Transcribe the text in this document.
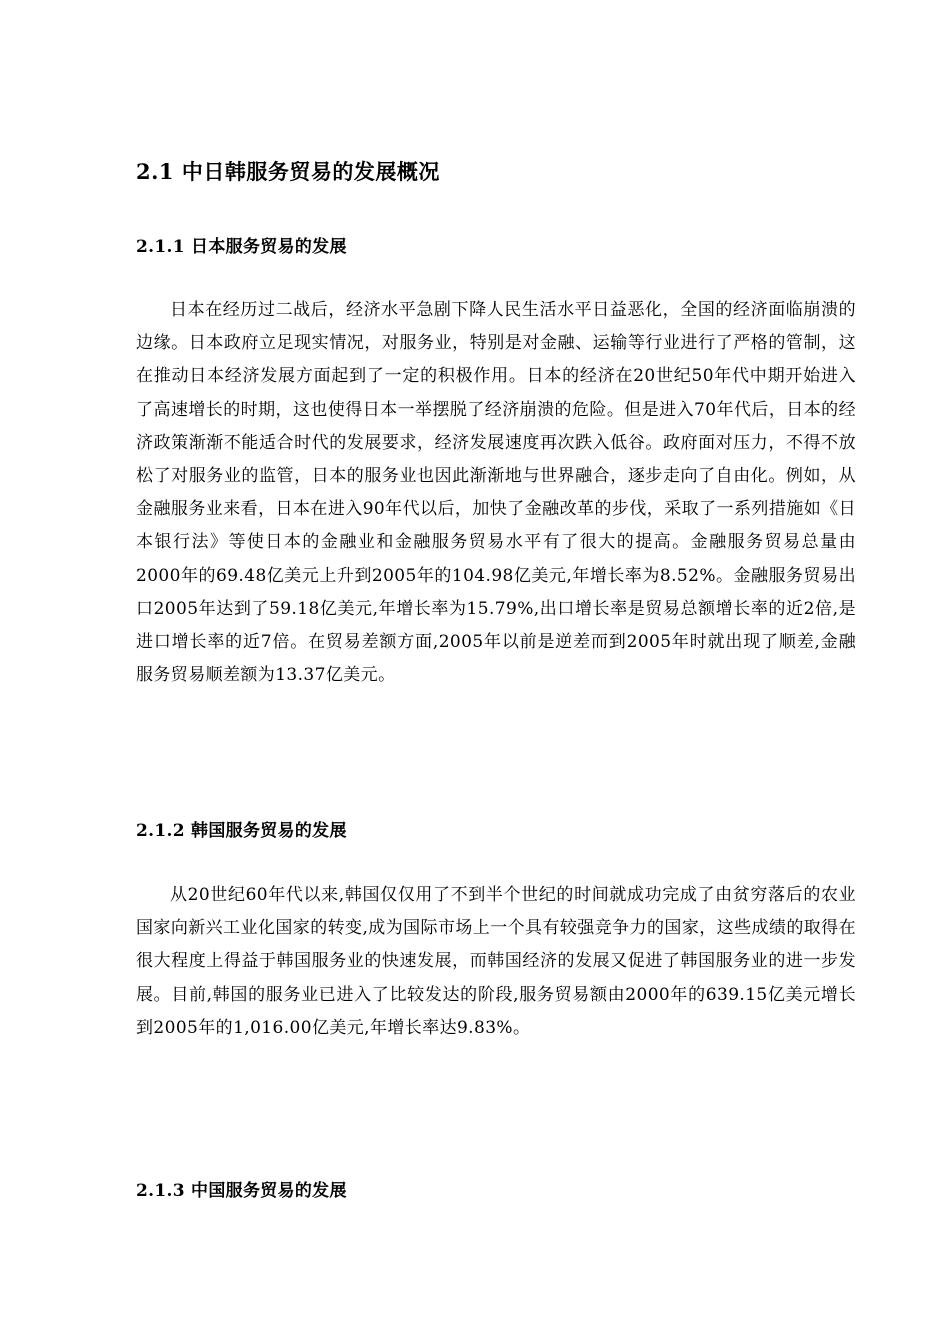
2.1 中日韩服务贸易的发展概况
2.1.1 日本服务贸易的发展

日本在经历过二战后，经济水平急剧下降人民生活水平日益恶化，全国的经济面临崩溃的边缘。日本政府立足现实情况，对服务业，特别是对金融、运输等行业进行了严格的管制，这在推动日本经济发展方面起到了一定的积极作用。日本的经济在20世纪50年代中期开始进入了高速增长的时期，这也使得日本一举摆脱了经济崩溃的危险。但是进入70年代后，日本的经济政策渐渐不能适合时代的发展要求，经济发展速度再次跌入低谷。政府面对压力，不得不放松了对服务业的监管，日本的服务业也因此渐渐地与世界融合，逐步走向了自由化。例如，从金融服务业来看，日本在进入90年代以后，加快了金融改革的步伐，采取了一系列措施如《日本银行法》等使日本的金融业和金融服务贸易水平有了很大的提高。金融服务贸易总量由2000年的69.48亿美元上升到2005年的104.98亿美元,年增长率为8.52%。金融服务贸易出口2005年达到了59.18亿美元,年增长率为15.79%,出口增长率是贸易总额增长率的近2倍,是进口增长率的近7倍。在贸易差额方面,2005年以前是逆差而到2005年时就出现了顺差,金融服务贸易顺差额为13.37亿美元。

2.1.2 韩国服务贸易的发展

从20世纪60年代以来,韩国仅仅用了不到半个世纪的时间就成功完成了由贫穷落后的农业国家向新兴工业化国家的转变,成为国际市场上一个具有较强竞争力的国家，这些成绩的取得在很大程度上得益于韩国服务业的快速发展，而韩国经济的发展又促进了韩国服务业的进一步发展。目前,韩国的服务业已进入了比较发达的阶段,服务贸易额由2000年的639.15亿美元增长到2005年的1,016.00亿美元,年增长率达9.83%。

2.1.3 中国服务贸易的发展
